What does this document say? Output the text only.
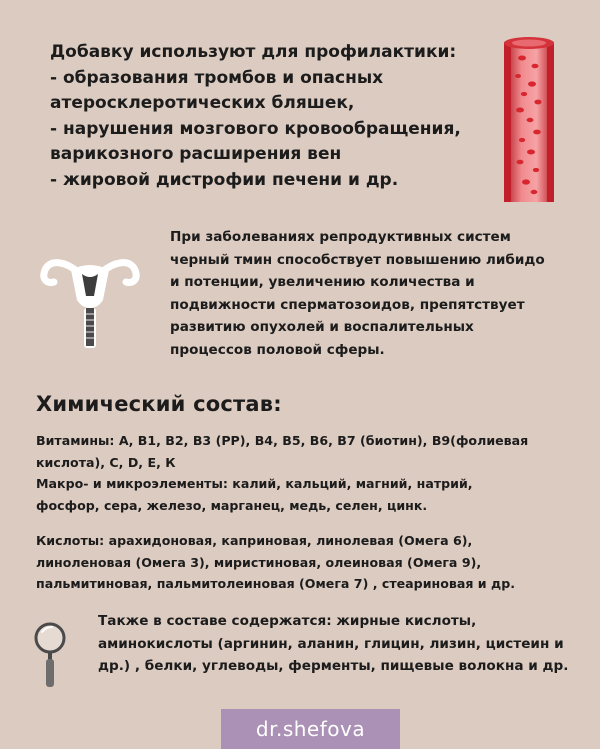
Добавку используют для профилактики:
- образования тромбов и опасных
атеросклеротических бляшек,
- нарушения мозгового кровообращения,
варикозного расширения вен
- жировой дистрофии печени и др.
При заболеваниях репродуктивных систем
черный тмин способствует повышению либидо
и потенции, увеличению количества и
подвижности сперматозоидов, препятствует
развитию опухолей и воспалительных
процессов половой сферы.
Химический состав:
Витамины: А, В1, В2, В3 (РР), В4, В5, В6, В7 (биотин), В9(фолиевая
кислота), С, D, Е, К
Макро- и микроэлементы: калий, кальций, магний, натрий,
фосфор, сера, железо, марганец, медь, селен, цинк.
Кислоты: арахидоновая, каприновая, линолевая (Омега 6),
линоленовая (Омега 3), миристиновая, олеиновая (Омега 9),
пальмитиновая, пальмитолеиновая (Омега 7) , стеариновая и др.
Также в составе содержатся: жирные кислоты,
аминокислоты (аргинин, аланин, глицин, лизин, цистеин и
др.) , белки, углеводы, ферменты, пищевые волокна и др.
dr.shefova
